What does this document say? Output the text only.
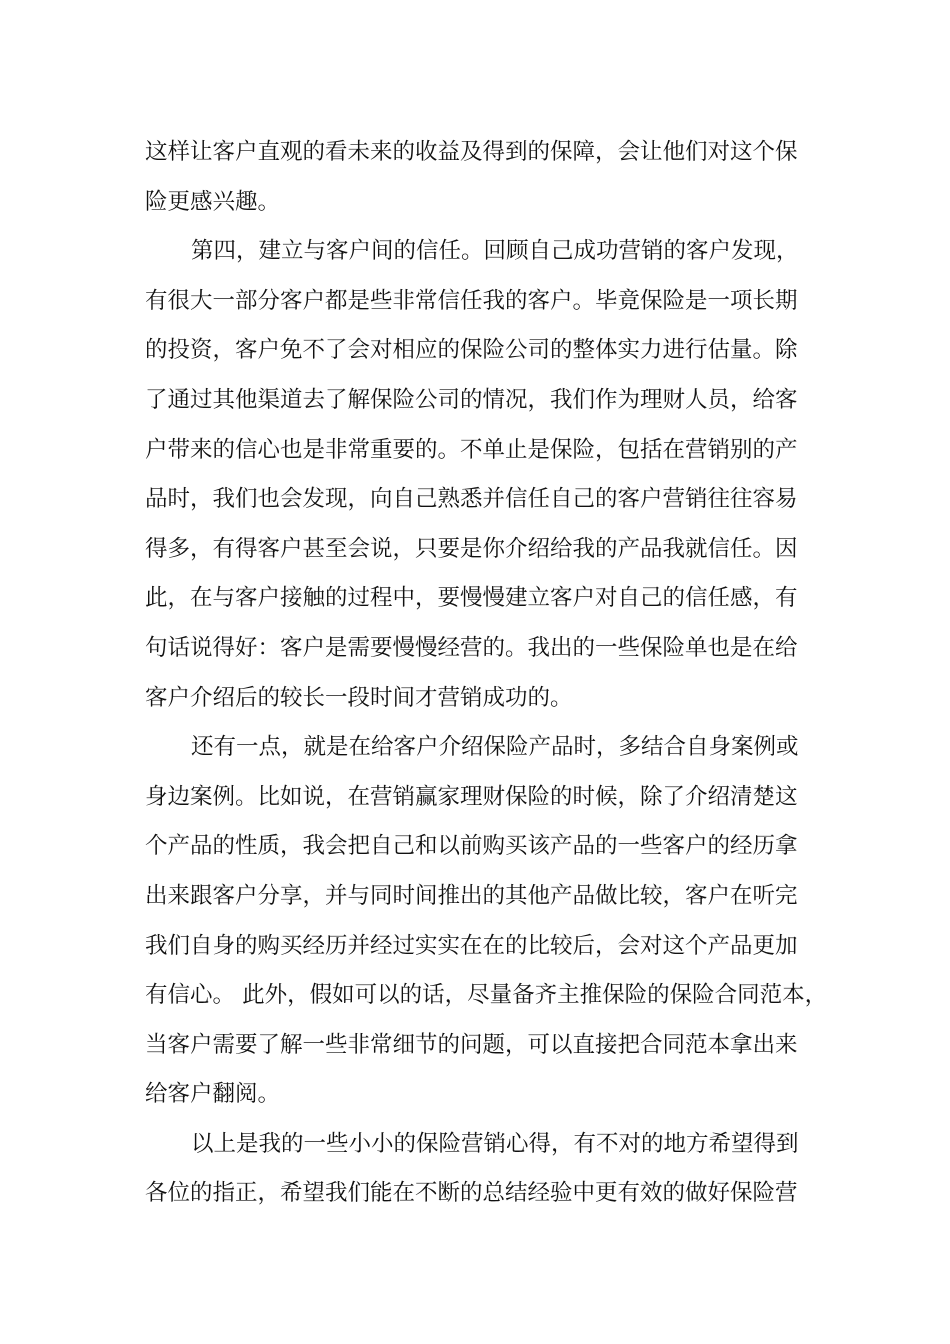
这样让客户直观的看未来的收益及得到的保障，会让他们对这个保
险更感兴趣。
第四，建立与客户间的信任。回顾自己成功营销的客户发现，
有很大一部分客户都是些非常信任我的客户。毕竟保险是一项长期
的投资，客户免不了会对相应的保险公司的整体实力进行估量。除
了通过其他渠道去了解保险公司的情况，我们作为理财人员，给客
户带来的信心也是非常重要的。不单止是保险，包括在营销别的产
品时，我们也会发现，向自己熟悉并信任自己的客户营销往往容易
得多，有得客户甚至会说，只要是你介绍给我的产品我就信任。因
此，在与客户接触的过程中，要慢慢建立客户对自己的信任感，有
句话说得好：客户是需要慢慢经营的。我出的一些保险单也是在给
客户介绍后的较长一段时间才营销成功的。
还有一点，就是在给客户介绍保险产品时，多结合自身案例或
身边案例。比如说，在营销赢家理财保险的时候，除了介绍清楚这
个产品的性质，我会把自己和以前购买该产品的一些客户的经历拿
出来跟客户分享，并与同时间推出的其他产品做比较，客户在听完
我们自身的购买经历并经过实实在在的比较后，会对这个产品更加
有信心。 此外，假如可以的话，尽量备齐主推保险的保险合同范本，
当客户需要了解一些非常细节的问题，可以直接把合同范本拿出来
给客户翻阅。
以上是我的一些小小的保险营销心得，有不对的地方希望得到
各位的指正，希望我们能在不断的总结经验中更有效的做好保险营
